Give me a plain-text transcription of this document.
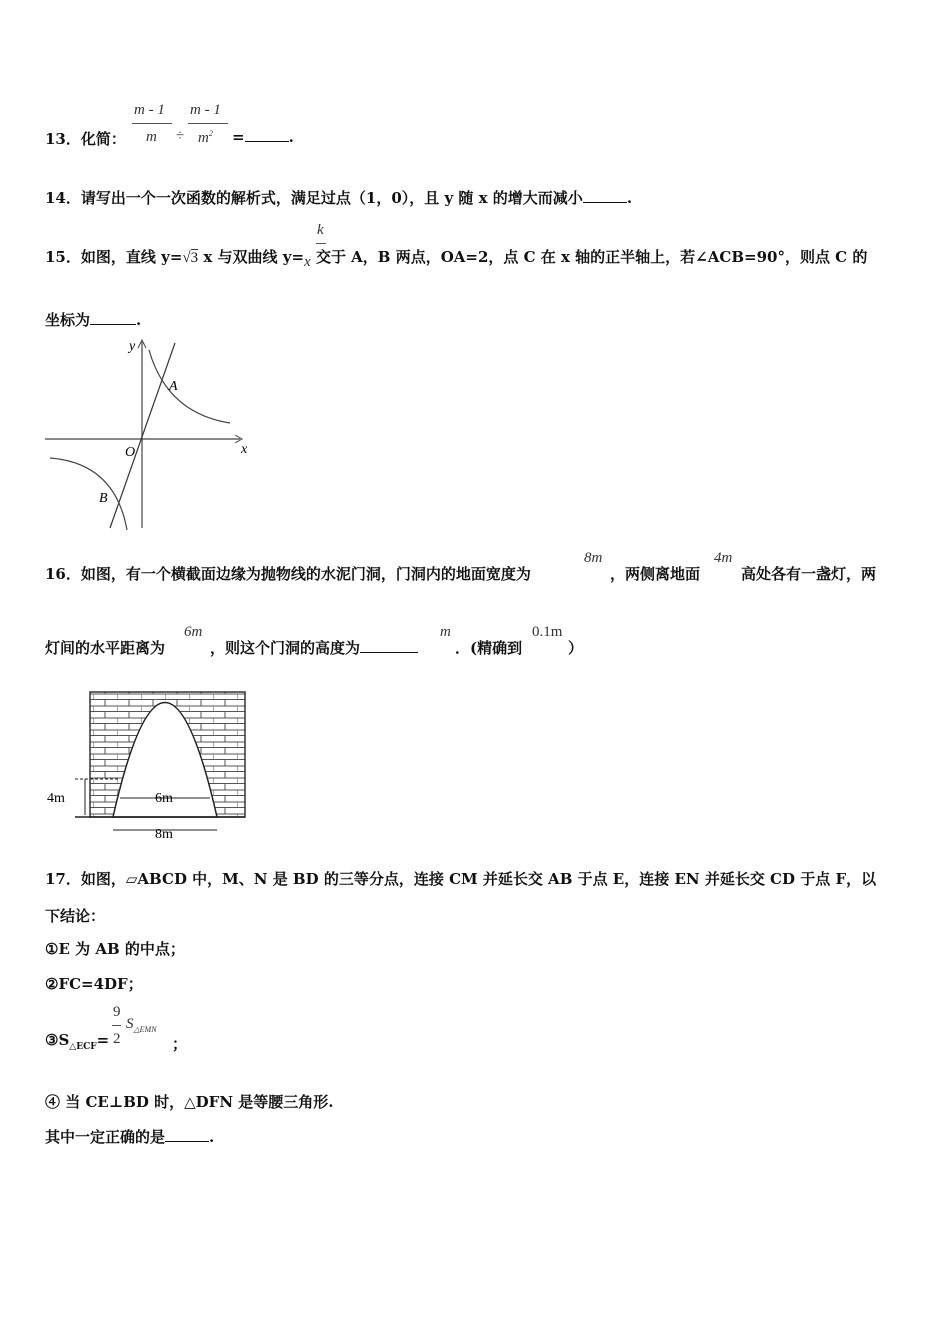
13．化简：
m - 1
m ÷
m - 1
$m^2$ =	.
14．请写出一个一次函数的解析式，满足过点（1，0），且 y 随 x 的增大而减小	.
k
15．如图，直线 y=√3 x 与双曲线 y=x 交于 A，B 两点，OA=2，点 C 在 x 轴的正半轴上，若∠ACB=90°，则点 C 的
坐标为	.
y
x
O
A
B
16．如图，有一个横截面边缘为抛物线的水泥门洞，门洞内的地面宽度为
8m
，两侧离地面
4m
高处各有一盏灯，两
灯间的水平距离为
6m
，则这个门洞的高度为
m
．(精确到
0.1m
）
4m	6m
8m
17．如图，▱ABCD 中，M、N 是 BD 的三等分点，连接 CM 并延长交 AB 于点 E，连接 EN 并延长交 CD 于点 F，以
下结论：
①E 为 AB 的中点；
②FC=4DF；
$③S_{\triangle ECF}=$
9
2
$S_{\triangle EMN}$
；
④ 当 CE⊥BD 时，△DFN 是等腰三角形.
其中一定正确的是	.
